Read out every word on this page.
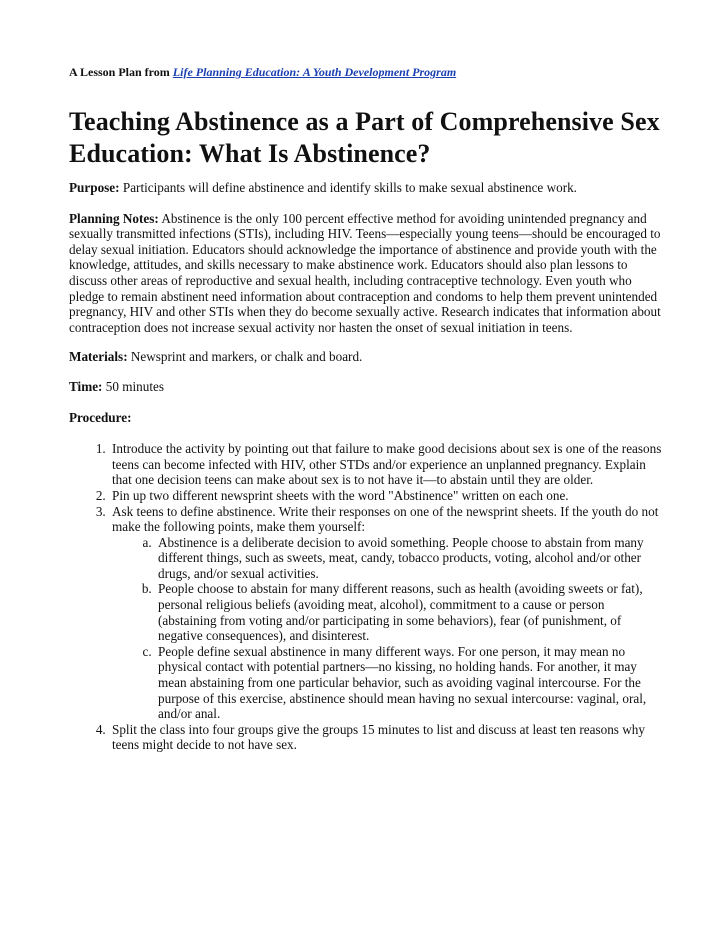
A Lesson Plan from Life Planning Education: A Youth Development Program

Teaching Abstinence as a Part of Comprehensive Sex Education: What Is Abstinence?

Purpose: Participants will define abstinence and identify skills to make sexual abstinence work.

Planning Notes: Abstinence is the only 100 percent effective method for avoiding unintended pregnancy and sexually transmitted infections (STIs), including HIV. Teens—especially young teens—should be encouraged to delay sexual initiation. Educators should acknowledge the importance of abstinence and provide youth with the knowledge, attitudes, and skills necessary to make abstinence work. Educators should also plan lessons to discuss other areas of reproductive and sexual health, including contraceptive technology. Even youth who pledge to remain abstinent need information about contraception and condoms to help them prevent unintended pregnancy, HIV and other STIs when they do become sexually active. Research indicates that information about contraception does not increase sexual activity nor hasten the onset of sexual initiation in teens.

Materials: Newsprint and markers, or chalk and board.

Time: 50 minutes

Procedure:

1. Introduce the activity by pointing out that failure to make good decisions about sex is one of the reasons teens can become infected with HIV, other STDs and/or experience an unplanned pregnancy. Explain that one decision teens can make about sex is to not have it—to abstain until they are older.
2. Pin up two different newsprint sheets with the word "Abstinence" written on each one.
3. Ask teens to define abstinence. Write their responses on one of the newsprint sheets. If the youth do not make the following points, make them yourself:
a. Abstinence is a deliberate decision to avoid something. People choose to abstain from many different things, such as sweets, meat, candy, tobacco products, voting, alcohol and/or other drugs, and/or sexual activities.
b. People choose to abstain for many different reasons, such as health (avoiding sweets or fat), personal religious beliefs (avoiding meat, alcohol), commitment to a cause or person (abstaining from voting and/or participating in some behaviors), fear (of punishment, of negative consequences), and disinterest.
c. People define sexual abstinence in many different ways. For one person, it may mean no physical contact with potential partners—no kissing, no holding hands. For another, it may mean abstaining from one particular behavior, such as avoiding vaginal intercourse. For the purpose of this exercise, abstinence should mean having no sexual intercourse: vaginal, oral, and/or anal.
4. Split the class into four groups give the groups 15 minutes to list and discuss at least ten reasons why teens might decide to not have sex.
